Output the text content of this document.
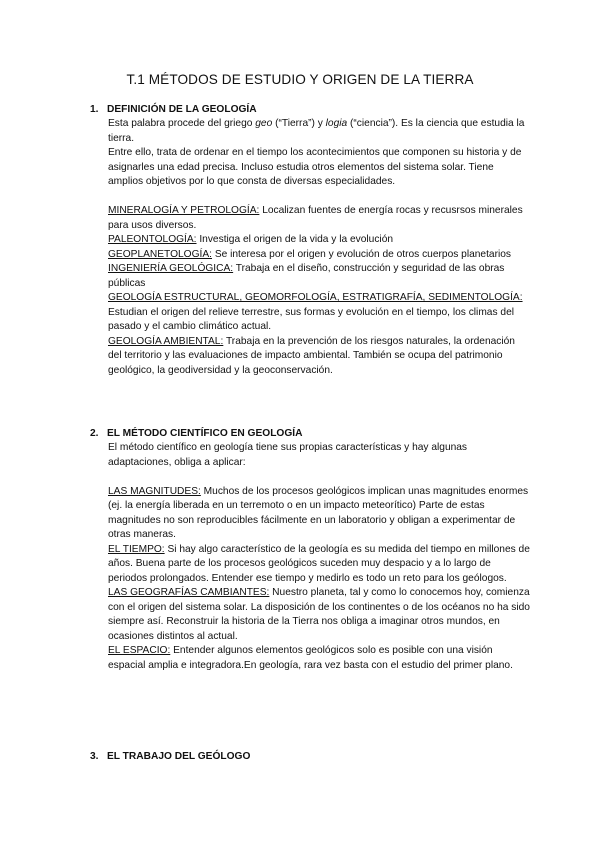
T.1 MÉTODOS DE ESTUDIO Y ORIGEN DE LA TIERRA
1. DEFINICIÓN DE LA GEOLOGÍA

Esta palabra procede del griego geo (“Tierra”) y logia (“ciencia”). Es la ciencia que estudia la tierra.

Entre ello, trata de ordenar en el tiempo los acontecimientos que componen su historia y de asignarles una edad precisa. Incluso estudia otros elementos del sistema solar. Tiene amplios objetivos por lo que consta de diversas especialidades.

MINERALOGÍA Y PETROLOGÍA: Localizan fuentes de energía rocas y recusrsos minerales para usos diversos.

PALEONTOLOGÍA: Investiga el origen de la vida y la evolución

GEOPLANETOLOGÍA: Se interesa por el origen y evolución de otros cuerpos planetarios

INGENIERÍA GEOLÓGICA: Trabaja en el diseño, construcción y seguridad de las obras públicas

GEOLOGÍA ESTRUCTURAL, GEOMORFOLOGÍA, ESTRATIGRAFÍA, SEDIMENTOLOGÍA: Estudian el origen del relieve terrestre, sus formas y evolución en el tiempo, los climas del pasado y el cambio climático actual.

GEOLOGÍA AMBIENTAL: Trabaja en la prevención de los riesgos naturales, la ordenación del territorio y las evaluaciones de impacto ambiental. También se ocupa del patrimonio geológico, la geodiversidad y la geoconservación.

2. EL MÉTODO CIENTÍFICO EN GEOLOGÍA

El método científico en geología tiene sus propias características y hay algunas adaptaciones, obliga a aplicar:

LAS MAGNITUDES: Muchos de los procesos geológicos implican unas magnitudes enormes (ej. la energía liberada en un terremoto o en un impacto meteorítico) Parte de estas magnitudes no son reproducibles fácilmente en un laboratorio y obligan a experimentar de otras maneras.

EL TIEMPO: Si hay algo característico de la geología es su medida del tiempo en millones de años. Buena parte de los procesos geológicos suceden muy despacio y a lo largo de periodos prolongados. Entender ese tiempo y medirlo es todo un reto para los geólogos.

LAS GEOGRAFÍAS CAMBIANTES: Nuestro planeta, tal y como lo conocemos hoy, comienza con el origen del sistema solar. La disposición de los continentes o de los océanos no ha sido siempre así. Reconstruir la historia de la Tierra nos obliga a imaginar otros mundos, en ocasiones distintos al actual.

EL ESPACIO: Entender algunos elementos geológicos solo es posible con una visión espacial amplia e integradora.En geología, rara vez basta con el estudio del primer plano.

3. EL TRABAJO DEL GEÓLOGO
